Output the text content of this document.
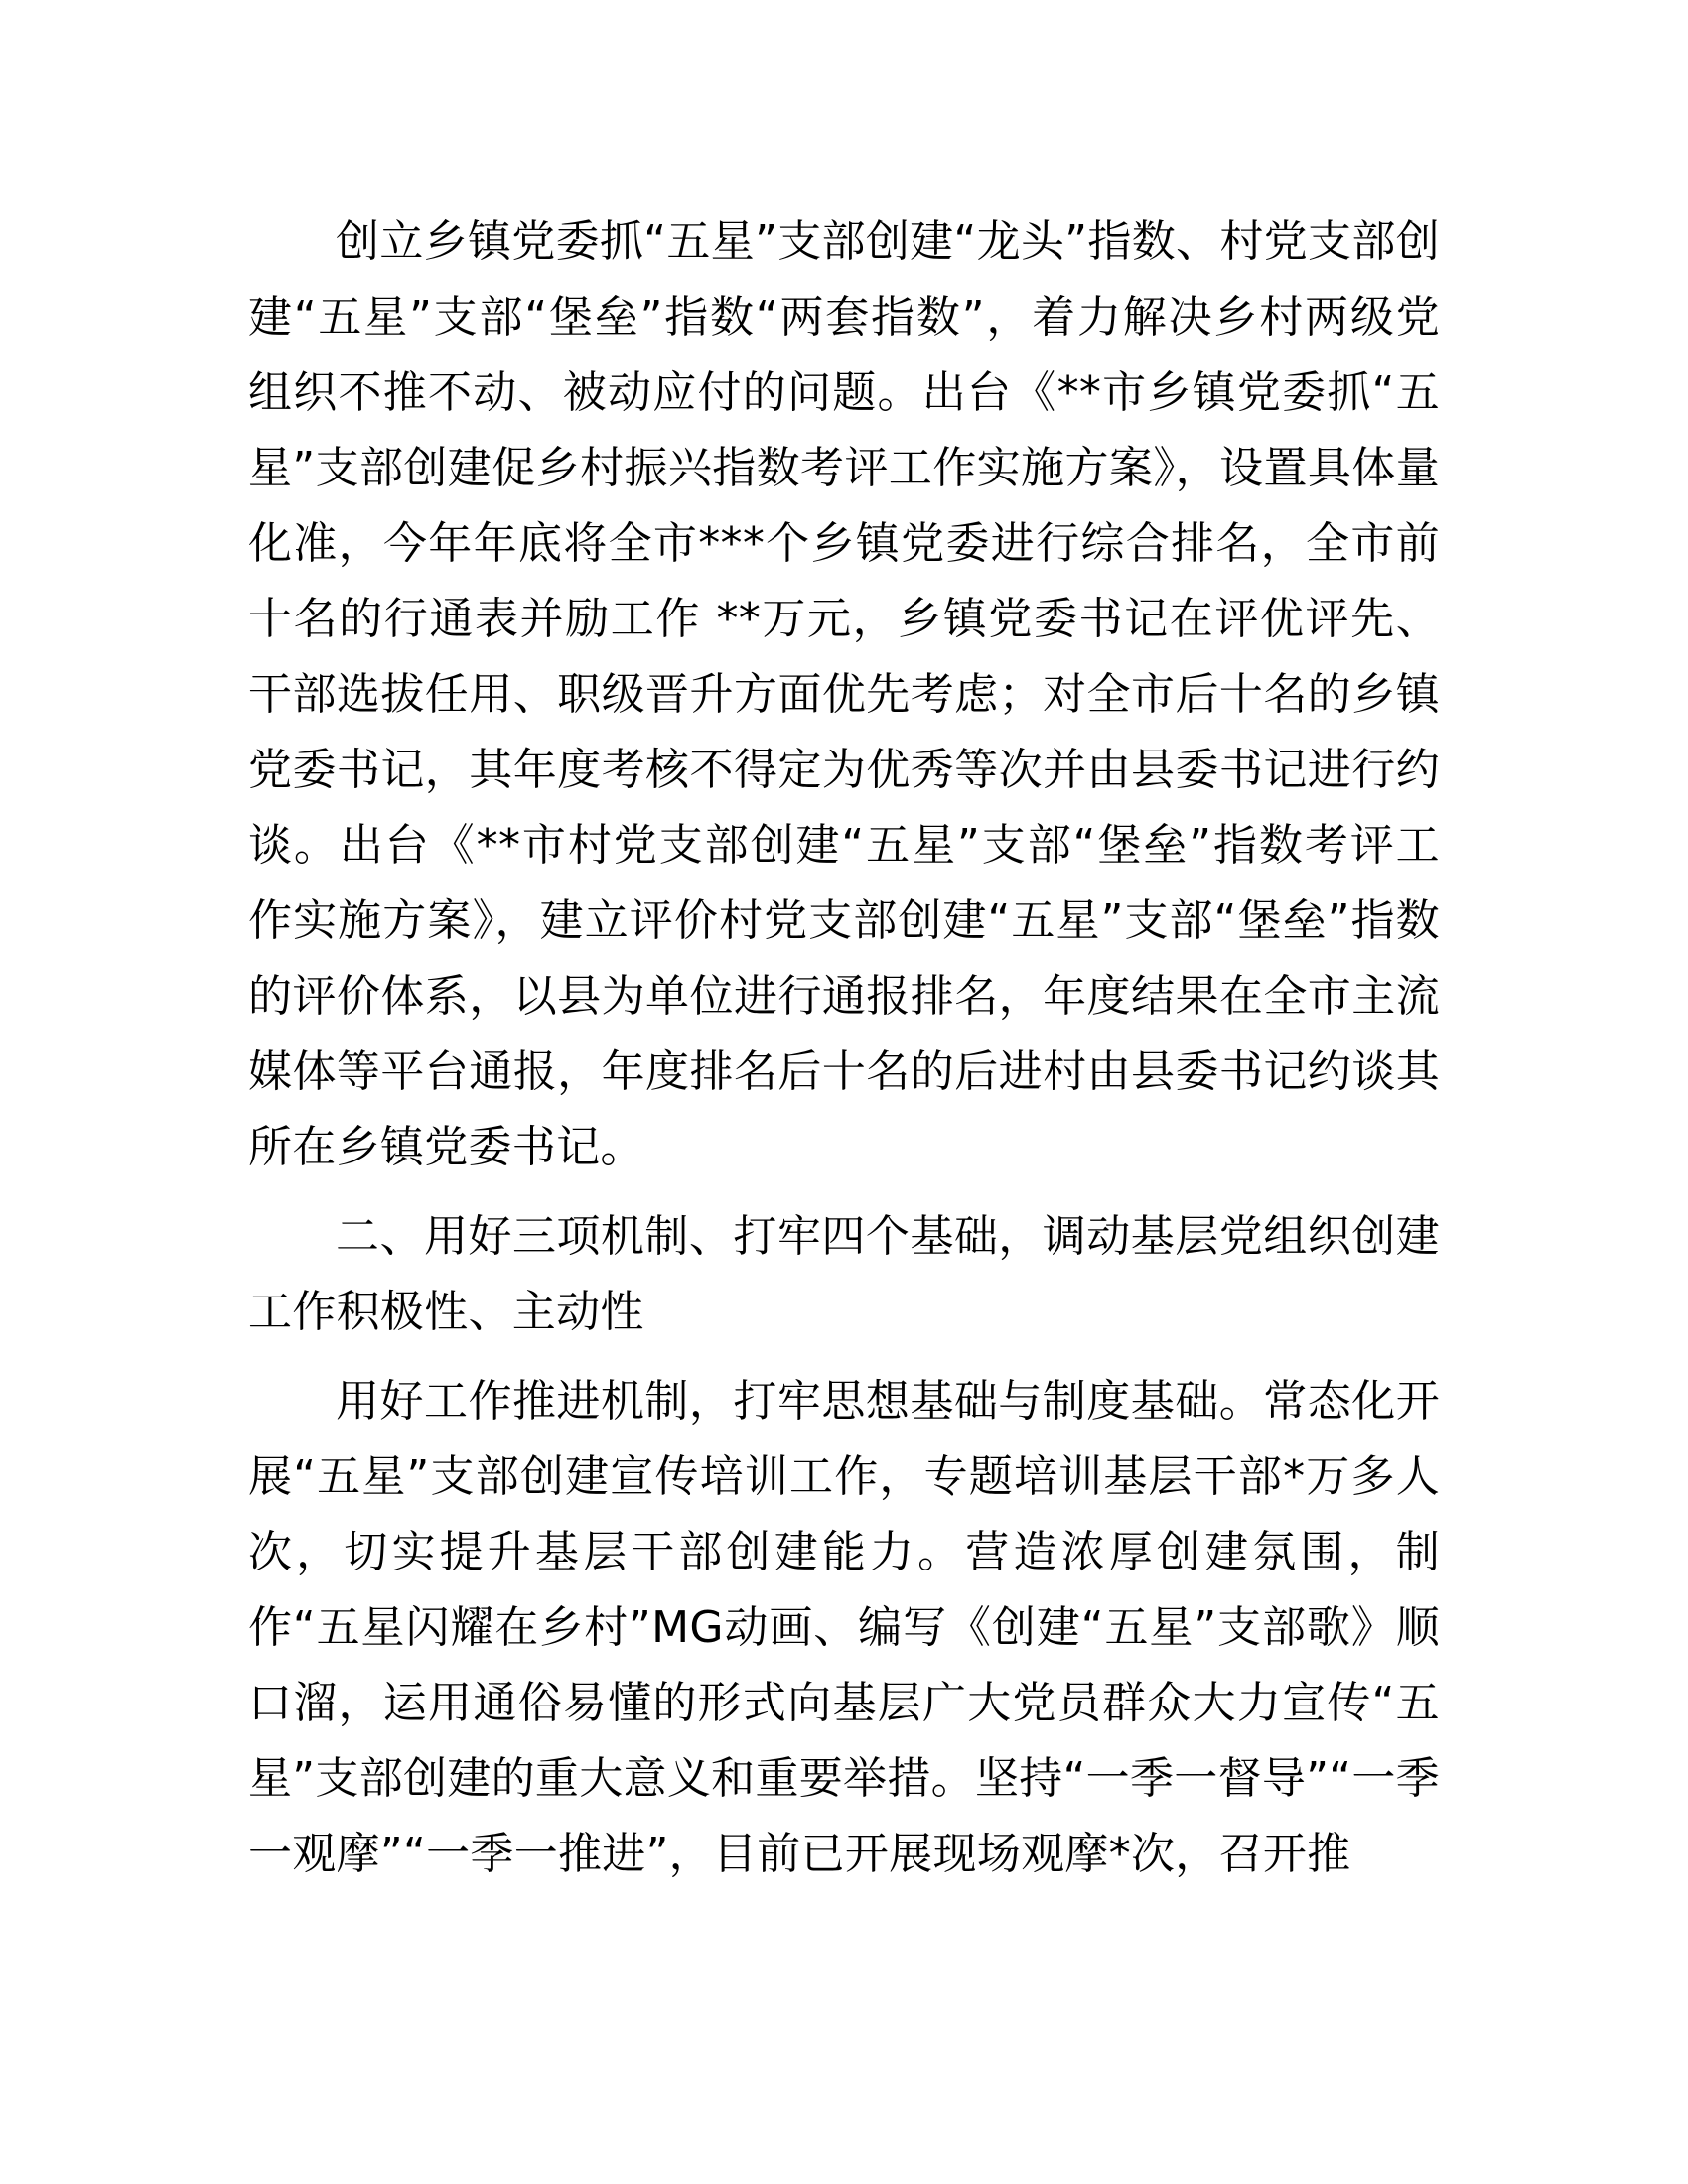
创立乡镇党委抓“五星”支部创建“龙头”指数、村党支部创建“五星”支部“堡垒”指数“两套指数”，着力解决乡村两级党组织不推不动、被动应付的问题。出台《**市乡镇党委抓“五星”支部创建促乡村振兴指数考评工作实施方案》，设置具体量化准，今年年底将全市***个乡镇党委进行综合排名，全市前十名的行通表并励工作 **万元，乡镇党委书记在评优评先、干部选拔任用、职级晋升方面优先考虑；对全市后十名的乡镇党委书记，其年度考核不得定为优秀等次并由县委书记进行约谈。出台《**市村党支部创建“五星”支部“堡垒”指数考评工作实施方案》，建立评价村党支部创建“五星”支部“堡垒”指数的评价体系，以县为单位进行通报排名，年度结果在全市主流媒体等平台通报，年度排名后十名的后进村由县委书记约谈其所在乡镇党委书记。

二、用好三项机制、打牢四个基础，调动基层党组织创建工作积极性、主动性

用好工作推进机制，打牢思想基础与制度基础。常态化开展“五星”支部创建宣传培训工作，专题培训基层干部*万多人次，切实提升基层干部创建能力。营造浓厚创建氛围，制作“五星闪耀在乡村”MG动画、编写《创建“五星”支部歌》顺口溜，运用通俗易懂的形式向基层广大党员群众大力宣传“五星”支部创建的重大意义和重要举措。坚持“一季一督导”“一季一观摩”“一季一推进”，目前已开展现场观摩*次，召开推
